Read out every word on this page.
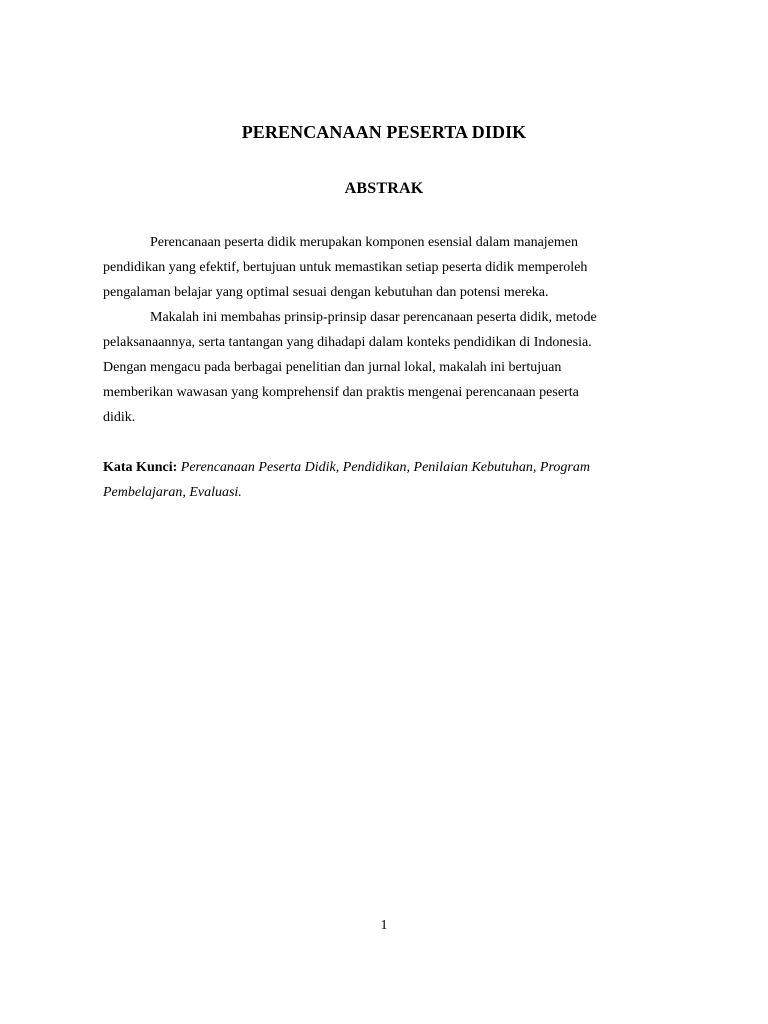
PERENCANAAN PESERTA DIDIK
ABSTRAK
Perencanaan peserta didik merupakan komponen esensial dalam manajemen
pendidikan yang efektif, bertujuan untuk memastikan setiap peserta didik memperoleh
pengalaman belajar yang optimal sesuai dengan kebutuhan dan potensi mereka.
Makalah ini membahas prinsip-prinsip dasar perencanaan peserta didik, metode
pelaksanaannya, serta tantangan yang dihadapi dalam konteks pendidikan di Indonesia.
Dengan mengacu pada berbagai penelitian dan jurnal lokal, makalah ini bertujuan
memberikan wawasan yang komprehensif dan praktis mengenai perencanaan peserta
didik.
Kata Kunci: Perencanaan Peserta Didik, Pendidikan, Penilaian Kebutuhan, Program
Pembelajaran, Evaluasi.
1
